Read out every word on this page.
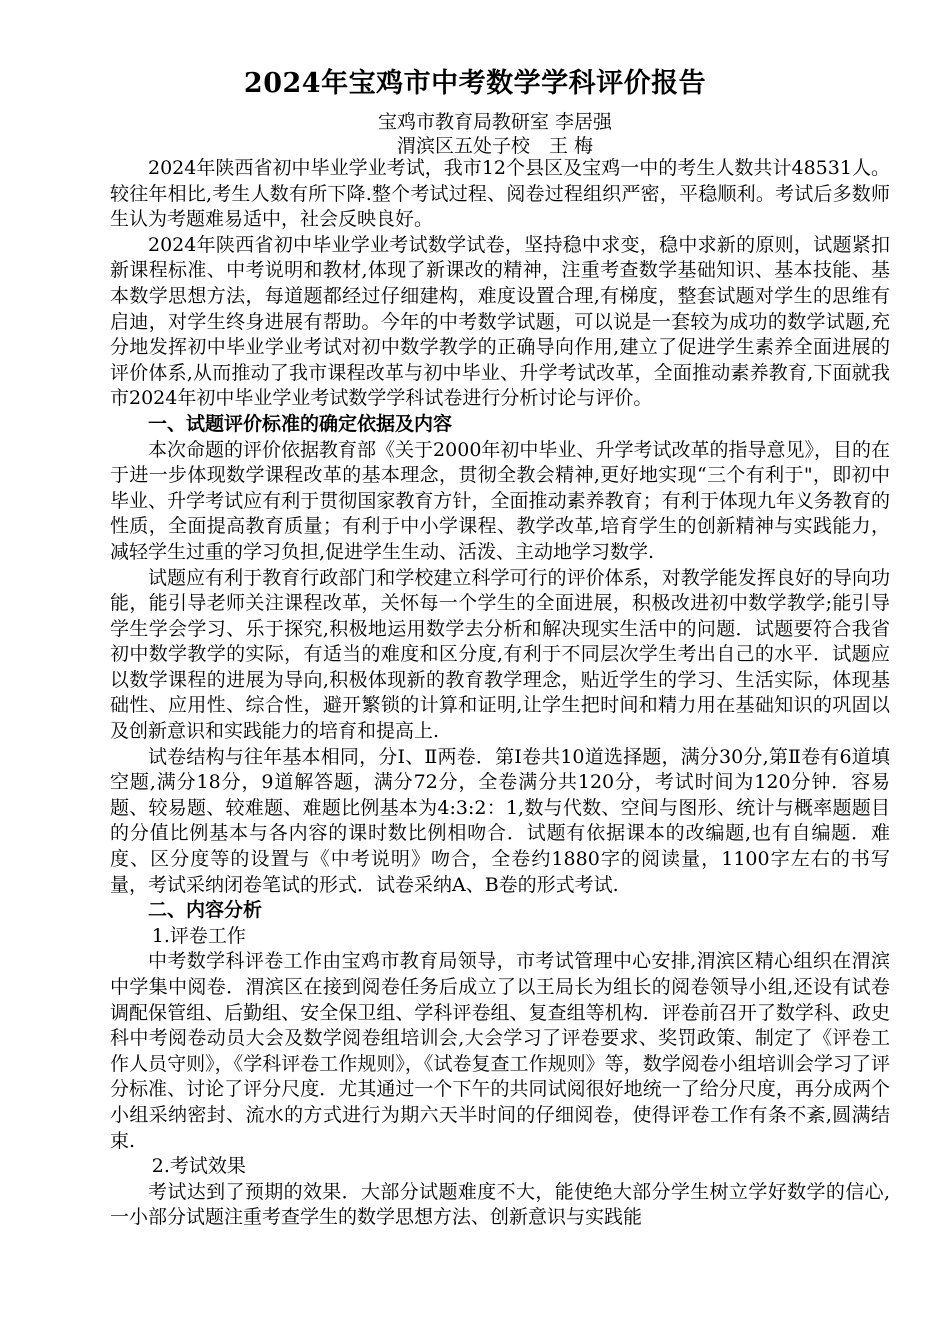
2024年宝鸡市中考数学学科评价报告
宝鸡市教育局教研室 李居强
渭滨区五处子校　王 梅

2024年陕西省初中毕业学业考试，我市12个县区及宝鸡一中的考生人数共计48531人。较往年相比,考生人数有所下降.整个考试过程、阅卷过程组织严密，平稳顺利。考试后多数师生认为考题难易适中，社会反映良好。

2024年陕西省初中毕业学业考试数学试卷，坚持稳中求变，稳中求新的原则，试题紧扣新课程标准、中考说明和教材,体现了新课改的精神，注重考查数学基础知识、基本技能、基本数学思想方法，每道题都经过仔细建构，难度设置合理,有梯度，整套试题对学生的思维有启迪，对学生终身进展有帮助。今年的中考数学试题，可以说是一套较为成功的数学试题,充分地发挥初中毕业学业考试对初中数学教学的正确导向作用,建立了促进学生素养全面进展的评价体系,从而推动了我市课程改革与初中毕业、升学考试改革，全面推动素养教育,下面就我市2024年初中毕业学业考试数学学科试卷进行分析讨论与评价。

一、试题评价标准的确定依据及内容

本次命题的评价依据教育部《关于2000年初中毕业、升学考试改革的指导意见》，目的在于进一步体现数学课程改革的基本理念，贯彻全教会精神,更好地实现“三个有利于"，即初中毕业、升学考试应有利于贯彻国家教育方针，全面推动素养教育；有利于体现九年义务教育的性质，全面提高教育质量；有利于中小学课程、教学改革,培育学生的创新精神与实践能力，减轻学生过重的学习负担,促进学生生动、活泼、主动地学习数学.

试题应有利于教育行政部门和学校建立科学可行的评价体系，对教学能发挥良好的导向功能，能引导老师关注课程改革，关怀每一个学生的全面进展，积极改进初中数学教学;能引导学生学会学习、乐于探究,积极地运用数学去分析和解决现实生活中的问题．试题要符合我省初中数学教学的实际，有适当的难度和区分度,有利于不同层次学生考出自己的水平．试题应以数学课程的进展为导向,积极体现新的教育教学理念，贴近学生的学习、生活实际，体现基础性、应用性、综合性，避开繁锁的计算和证明,让学生把时间和精力用在基础知识的巩固以及创新意识和实践能力的培育和提高上.

试卷结构与往年基本相同，分Ⅰ、Ⅱ两卷．第Ⅰ卷共10道选择题，满分30分,第Ⅱ卷有6道填空题,满分18分，9道解答题，满分72分，全卷满分共120分，考试时间为120分钟．容易题、较易题、较难题、难题比例基本为4:3:2：1,数与代数、空间与图形、统计与概率题题目的分值比例基本与各内容的课时数比例相吻合．试题有依据课本的改编题,也有自编题．难度、区分度等的设置与《中考说明》吻合，全卷约1880字的阅读量，1100字左右的书写量，考试采纳闭卷笔试的形式．试卷采纳A、B卷的形式考试.

二、内容分析

1.评卷工作

中考数学科评卷工作由宝鸡市教育局领导，市考试管理中心安排,渭滨区精心组织在渭滨中学集中阅卷．渭滨区在接到阅卷任务后成立了以王局长为组长的阅卷领导小组,还设有试卷调配保管组、后勤组、安全保卫组、学科评卷组、复查组等机构．评卷前召开了数学科、政史科中考阅卷动员大会及数学阅卷组培训会,大会学习了评卷要求、奖罚政策、制定了《评卷工作人员守则》，《学科评卷工作规则》，《试卷复查工作规则》等，数学阅卷小组培训会学习了评分标准、讨论了评分尺度．尤其通过一个下午的共同试阅很好地统一了给分尺度，再分成两个小组采纳密封、流水的方式进行为期六天半时间的仔细阅卷，使得评卷工作有条不紊,圆满结束.

2.考试效果

考试达到了预期的效果．大部分试题难度不大，能使绝大部分学生树立学好数学的信心,一小部分试题注重考查学生的数学思想方法、创新意识与实践能
